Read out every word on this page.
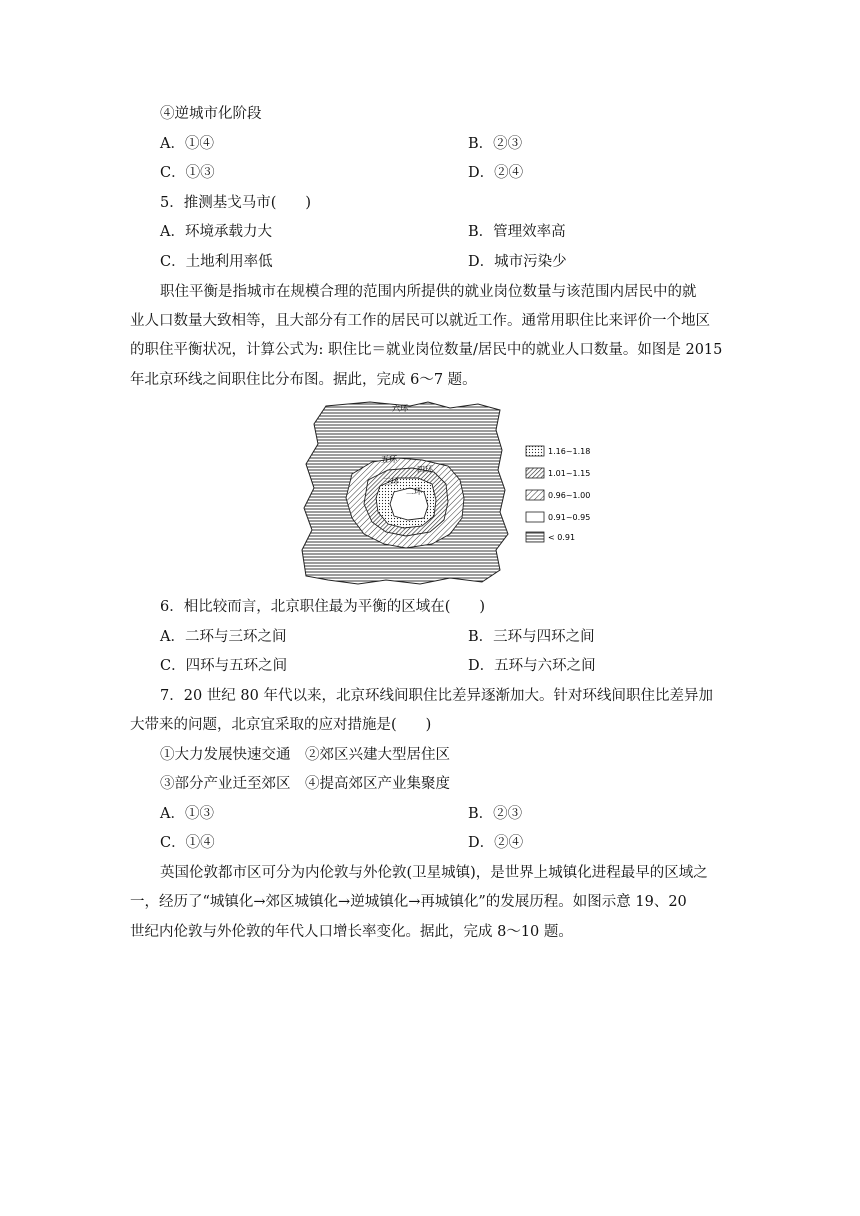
④逆城市化阶段
A．①④	B．②③
C．①③	D．②④
5．推测基戈马市(　　)
A．环境承载力大	B．管理效率高
C．土地利用率低	D．城市污染少
职住平衡是指城市在规模合理的范围内所提供的就业岗位数量与该范围内居民中的就
业人口数量大致相等，且大部分有工作的居民可以就近工作。通常用职住比来评价一个地区
的职住平衡状况，计算公式为: 职住比＝就业岗位数量/居民中的就业人口数量。如图是 2015
年北京环线之间职住比分布图。据此，完成 6～7 题。
六环
五环
四环
三环
二环
1.16~1.18
1.01~1.15
0.96~1.00
0.91~0.95
< 0.91
6．相比较而言，北京职住最为平衡的区域在(　　)
A．二环与三环之间	B．三环与四环之间
C．四环与五环之间	D．五环与六环之间
7．20 世纪 80 年代以来，北京环线间职住比差异逐渐加大。针对环线间职住比差异加
大带来的问题，北京宜采取的应对措施是(　　)
①大力发展快速交通　②郊区兴建大型居住区
③部分产业迁至郊区　④提高郊区产业集聚度
A．①③	B．②③
C．①④	D．②④
英国伦敦都市区可分为内伦敦与外伦敦(卫星城镇)，是世界上城镇化进程最早的区域之
一，经历了“城镇化→郊区城镇化→逆城镇化→再城镇化”的发展历程。如图示意 19、20
世纪内伦敦与外伦敦的年代人口增长率变化。据此，完成 8～10 题。
